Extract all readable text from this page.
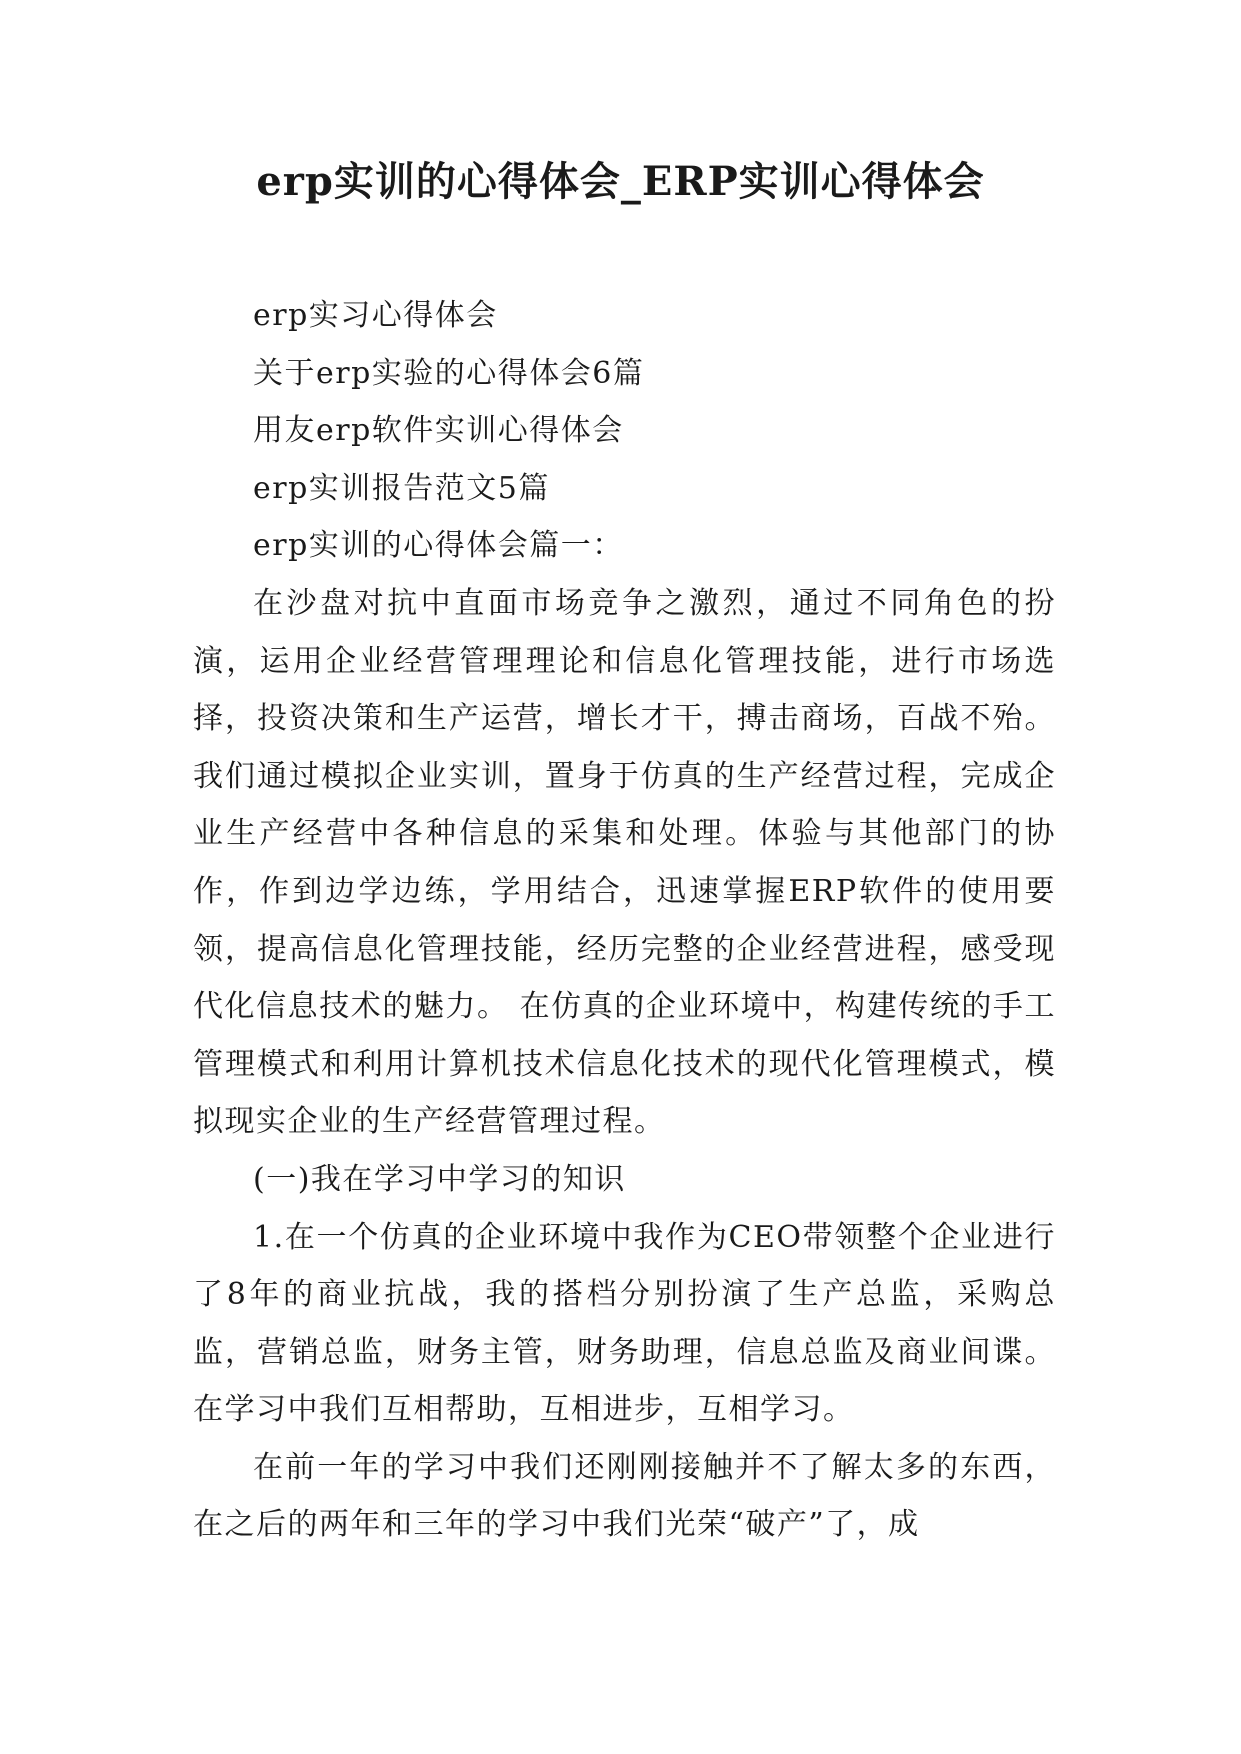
erp实训的心得体会_ERP实训心得体会

erp实习心得体会

关于erp实验的心得体会6篇

用友erp软件实训心得体会

erp实训报告范文5篇

erp实训的心得体会篇一：

在沙盘对抗中直面市场竞争之激烈，通过不同角色的扮演，运用企业经营管理理论和信息化管理技能，进行市场选择，投资决策和生产运营，增长才干，搏击商场，百战不殆。我们通过模拟企业实训，置身于仿真的生产经营过程，完成企业生产经营中各种信息的采集和处理。体验与其他部门的协作，作到边学边练，学用结合，迅速掌握ERP软件的使用要领，提高信息化管理技能，经历完整的企业经营进程，感受现代化信息技术的魅力。 在仿真的企业环境中，构建传统的手工管理模式和利用计算机技术信息化技术的现代化管理模式，模拟现实企业的生产经营管理过程。

(一)我在学习中学习的知识

1.在一个仿真的企业环境中我作为CEO带领整个企业进行了8年的商业抗战，我的搭档分别扮演了生产总监，采购总监，营销总监，财务主管，财务助理，信息总监及商业间谍。在学习中我们互相帮助，互相进步，互相学习。

在前一年的学习中我们还刚刚接触并不了解太多的东西，在之后的两年和三年的学习中我们光荣“破产”了，成
